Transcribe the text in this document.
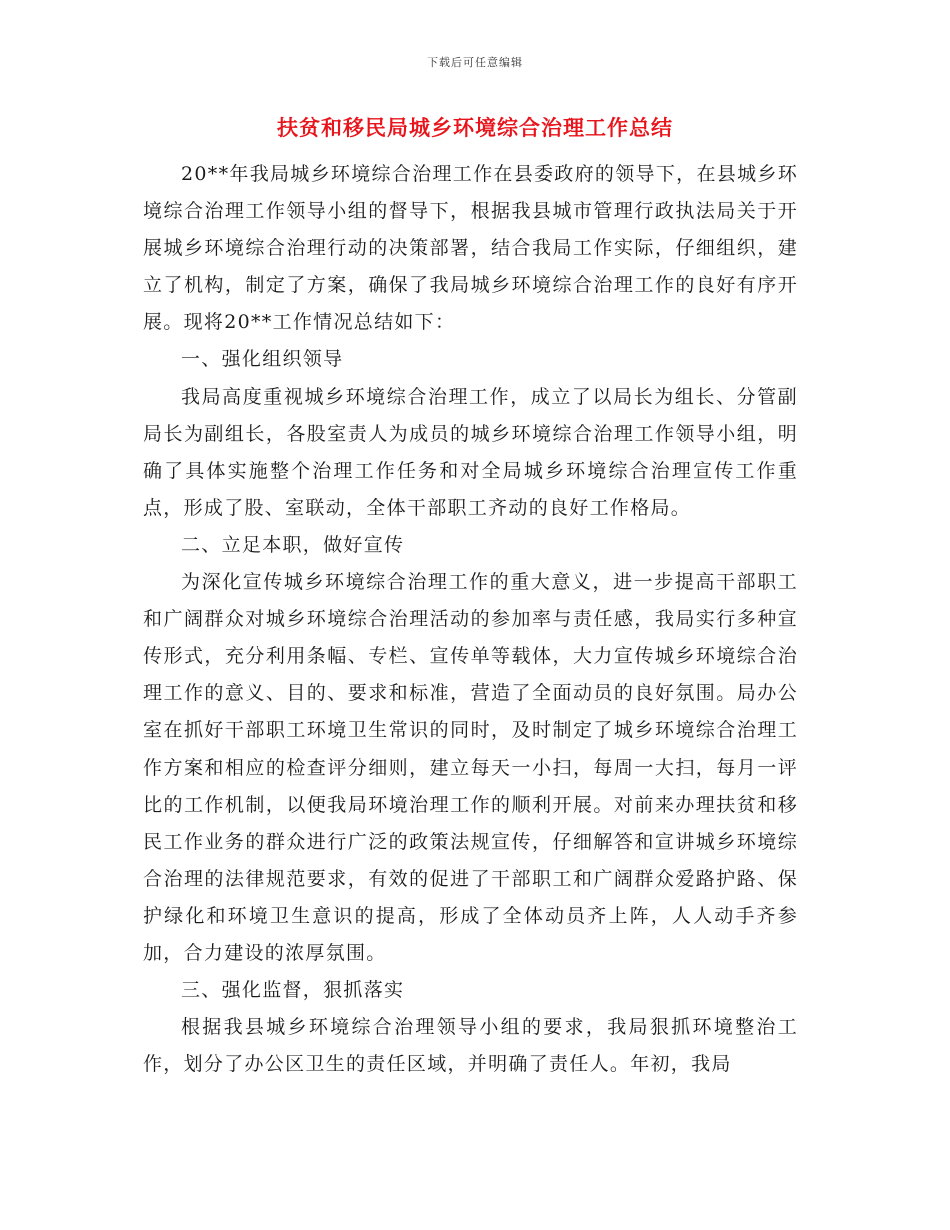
下载后可任意编辑
扶贫和移民局城乡环境综合治理工作总结

20**年我局城乡环境综合治理工作在县委政府的领导下，在县城乡环境综合治理工作领导小组的督导下，根据我县城市管理行政执法局关于开展城乡环境综合治理行动的决策部署，结合我局工作实际，仔细组织，建立了机构，制定了方案，确保了我局城乡环境综合治理工作的良好有序开展。现将20**工作情况总结如下：

一、强化组织领导

我局高度重视城乡环境综合治理工作，成立了以局长为组长、分管副局长为副组长，各股室责人为成员的城乡环境综合治理工作领导小组，明确了具体实施整个治理工作任务和对全局城乡环境综合治理宣传工作重点，形成了股、室联动，全体干部职工齐动的良好工作格局。

二、立足本职，做好宣传

为深化宣传城乡环境综合治理工作的重大意义，进一步提高干部职工和广阔群众对城乡环境综合治理活动的参加率与责任感，我局实行多种宣传形式，充分利用条幅、专栏、宣传单等载体，大力宣传城乡环境综合治理工作的意义、目的、要求和标准，营造了全面动员的良好氛围。局办公室在抓好干部职工环境卫生常识的同时，及时制定了城乡环境综合治理工作方案和相应的检查评分细则，建立每天一小扫，每周一大扫，每月一评比的工作机制，以便我局环境治理工作的顺利开展。对前来办理扶贫和移民工作业务的群众进行广泛的政策法规宣传，仔细解答和宣讲城乡环境综合治理的法律规范要求，有效的促进了干部职工和广阔群众爱路护路、保护绿化和环境卫生意识的提高，形成了全体动员齐上阵，人人动手齐参加，合力建设的浓厚氛围。

三、强化监督，狠抓落实

根据我县城乡环境综合治理领导小组的要求，我局狠抓环境整治工作，划分了办公区卫生的责任区域，并明确了责任人。年初，我局
